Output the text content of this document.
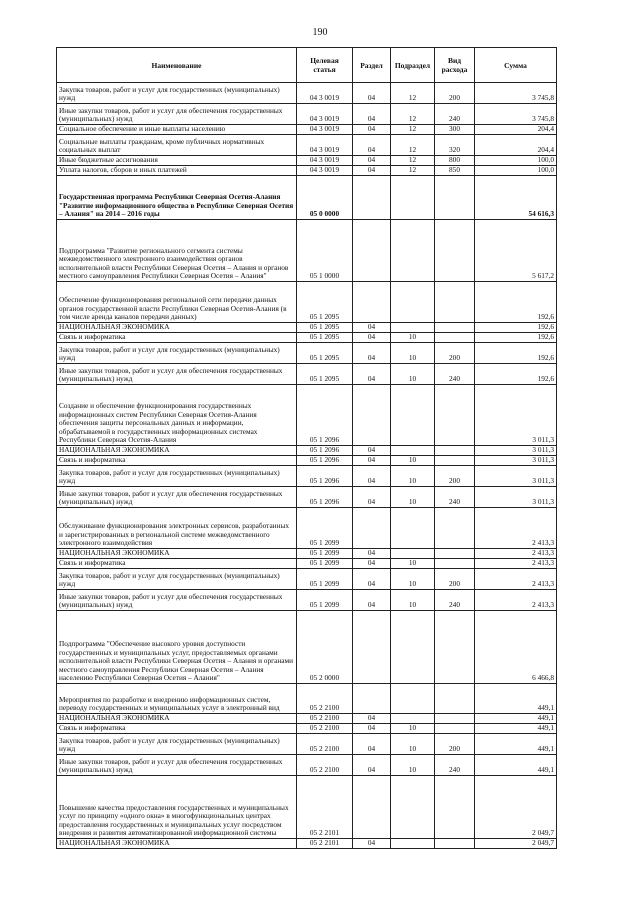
190
Наименование	Целевая статья	Раздел	Подраздел	Вид расхода	Сумма
Закупка товаров, работ и услуг для государственных (муниципальных) нужд	04 3 0019	04	12	200	3 745,8
Иные закупки товаров, работ и услуг для обеспечения государственных (муниципальных) нужд	04 3 0019	04	12	240	3 745,8
Социальное обеспечение и иные выплаты населению	04 3 0019	04	12	300	204,4
Социальные выплаты гражданам, кроме публичных нормативных социальных выплат	04 3 0019	04	12	320	204,4
Иные бюджетные ассигнования	04 3 0019	04	12	800	100,0
Уплата налогов, сборов и иных платежей	04 3 0019	04	12	850	100,0
Государственная программа Республики Северная Осетия-Алания "Развитие информационного общества в Республике Северная Осетия – Алания" на 2014 – 2016 годы	05 0 0000				54 616,3
Подпрограмма "Развитие регионального сегмента системы межведомственного электронного взаимодействия органов исполнительной власти Республики Северная Осетия – Алания и органов местного самоуправления Республики Северная Осетия – Алания"	05 1 0000				5 617,2
Обеспечение функционирования региональной сети передачи данных органов государственной власти Республики Северная Осетия-Алания (в том числе аренда каналов передачи данных)	05 1 2095				192,6
НАЦИОНАЛЬНАЯ ЭКОНОМИКА	05 1 2095	04			192,6
Связь и информатика	05 1 2095	04	10		192,6
Закупка товаров, работ и услуг для государственных (муниципальных) нужд	05 1 2095	04	10	200	192,6
Иные закупки товаров, работ и услуг для обеспечения государственных (муниципальных) нужд	05 1 2095	04	10	240	192,6
Создание и обеспечение функционирования государственных информационных систем Республики Северная Осетия-Алания обеспечения защиты персональных данных и информации, обрабатываемой в государственных информационных системах Республики Северная Осетия-Алания	05 1 2096				3 011,3
НАЦИОНАЛЬНАЯ ЭКОНОМИКА	05 1 2096	04			3 011,3
Связь и информатика	05 1 2096	04	10		3 011,3
Закупка товаров, работ и услуг для государственных (муниципальных) нужд	05 1 2096	04	10	200	3 011,3
Иные закупки товаров, работ и услуг для обеспечения государственных (муниципальных) нужд	05 1 2096	04	10	240	3 011,3
Обслуживание функционирования электронных сервисов, разработанных и зарегистрированных в региональной системе межведомственного электронного взаимодействия	05 1 2099				2 413,3
НАЦИОНАЛЬНАЯ ЭКОНОМИКА	05 1 2099	04			2 413,3
Связь и информатика	05 1 2099	04	10		2 413,3
Закупка товаров, работ и услуг для государственных (муниципальных) нужд	05 1 2099	04	10	200	2 413,3
Иные закупки товаров, работ и услуг для обеспечения государственных (муниципальных) нужд	05 1 2099	04	10	240	2 413,3
Подпрограмма "Обеспечение высокого уровня доступности государственных и муниципальных услуг, предоставляемых органами исполнительной власти Республики Северная Осетия – Алания и органами местного самоуправления Республики Северная Осетия – Алания населению Республики Северная Осетия – Алания"	05 2 0000				6 466,8
Мероприятия по разработке и внедрению информационных систем, переводу государственных и муниципальных услуг в электронный вид	05 2 2100				449,1
НАЦИОНАЛЬНАЯ ЭКОНОМИКА	05 2 2100	04			449,1
Связь и информатика	05 2 2100	04	10		449,1
Закупка товаров, работ и услуг для государственных (муниципальных) нужд	05 2 2100	04	10	200	449,1
Иные закупки товаров, работ и услуг для обеспечения государственных (муниципальных) нужд	05 2 2100	04	10	240	449,1
Повышение качества предоставления государственных и муниципальных услуг по принципу «одного окна» в многофункциональных центрах предоставления государственных и муниципальных услуг посредством внедрения и развития автоматизированной информационной системы	05 2 2101				2 049,7
НАЦИОНАЛЬНАЯ ЭКОНОМИКА	05 2 2101	04			2 049,7
